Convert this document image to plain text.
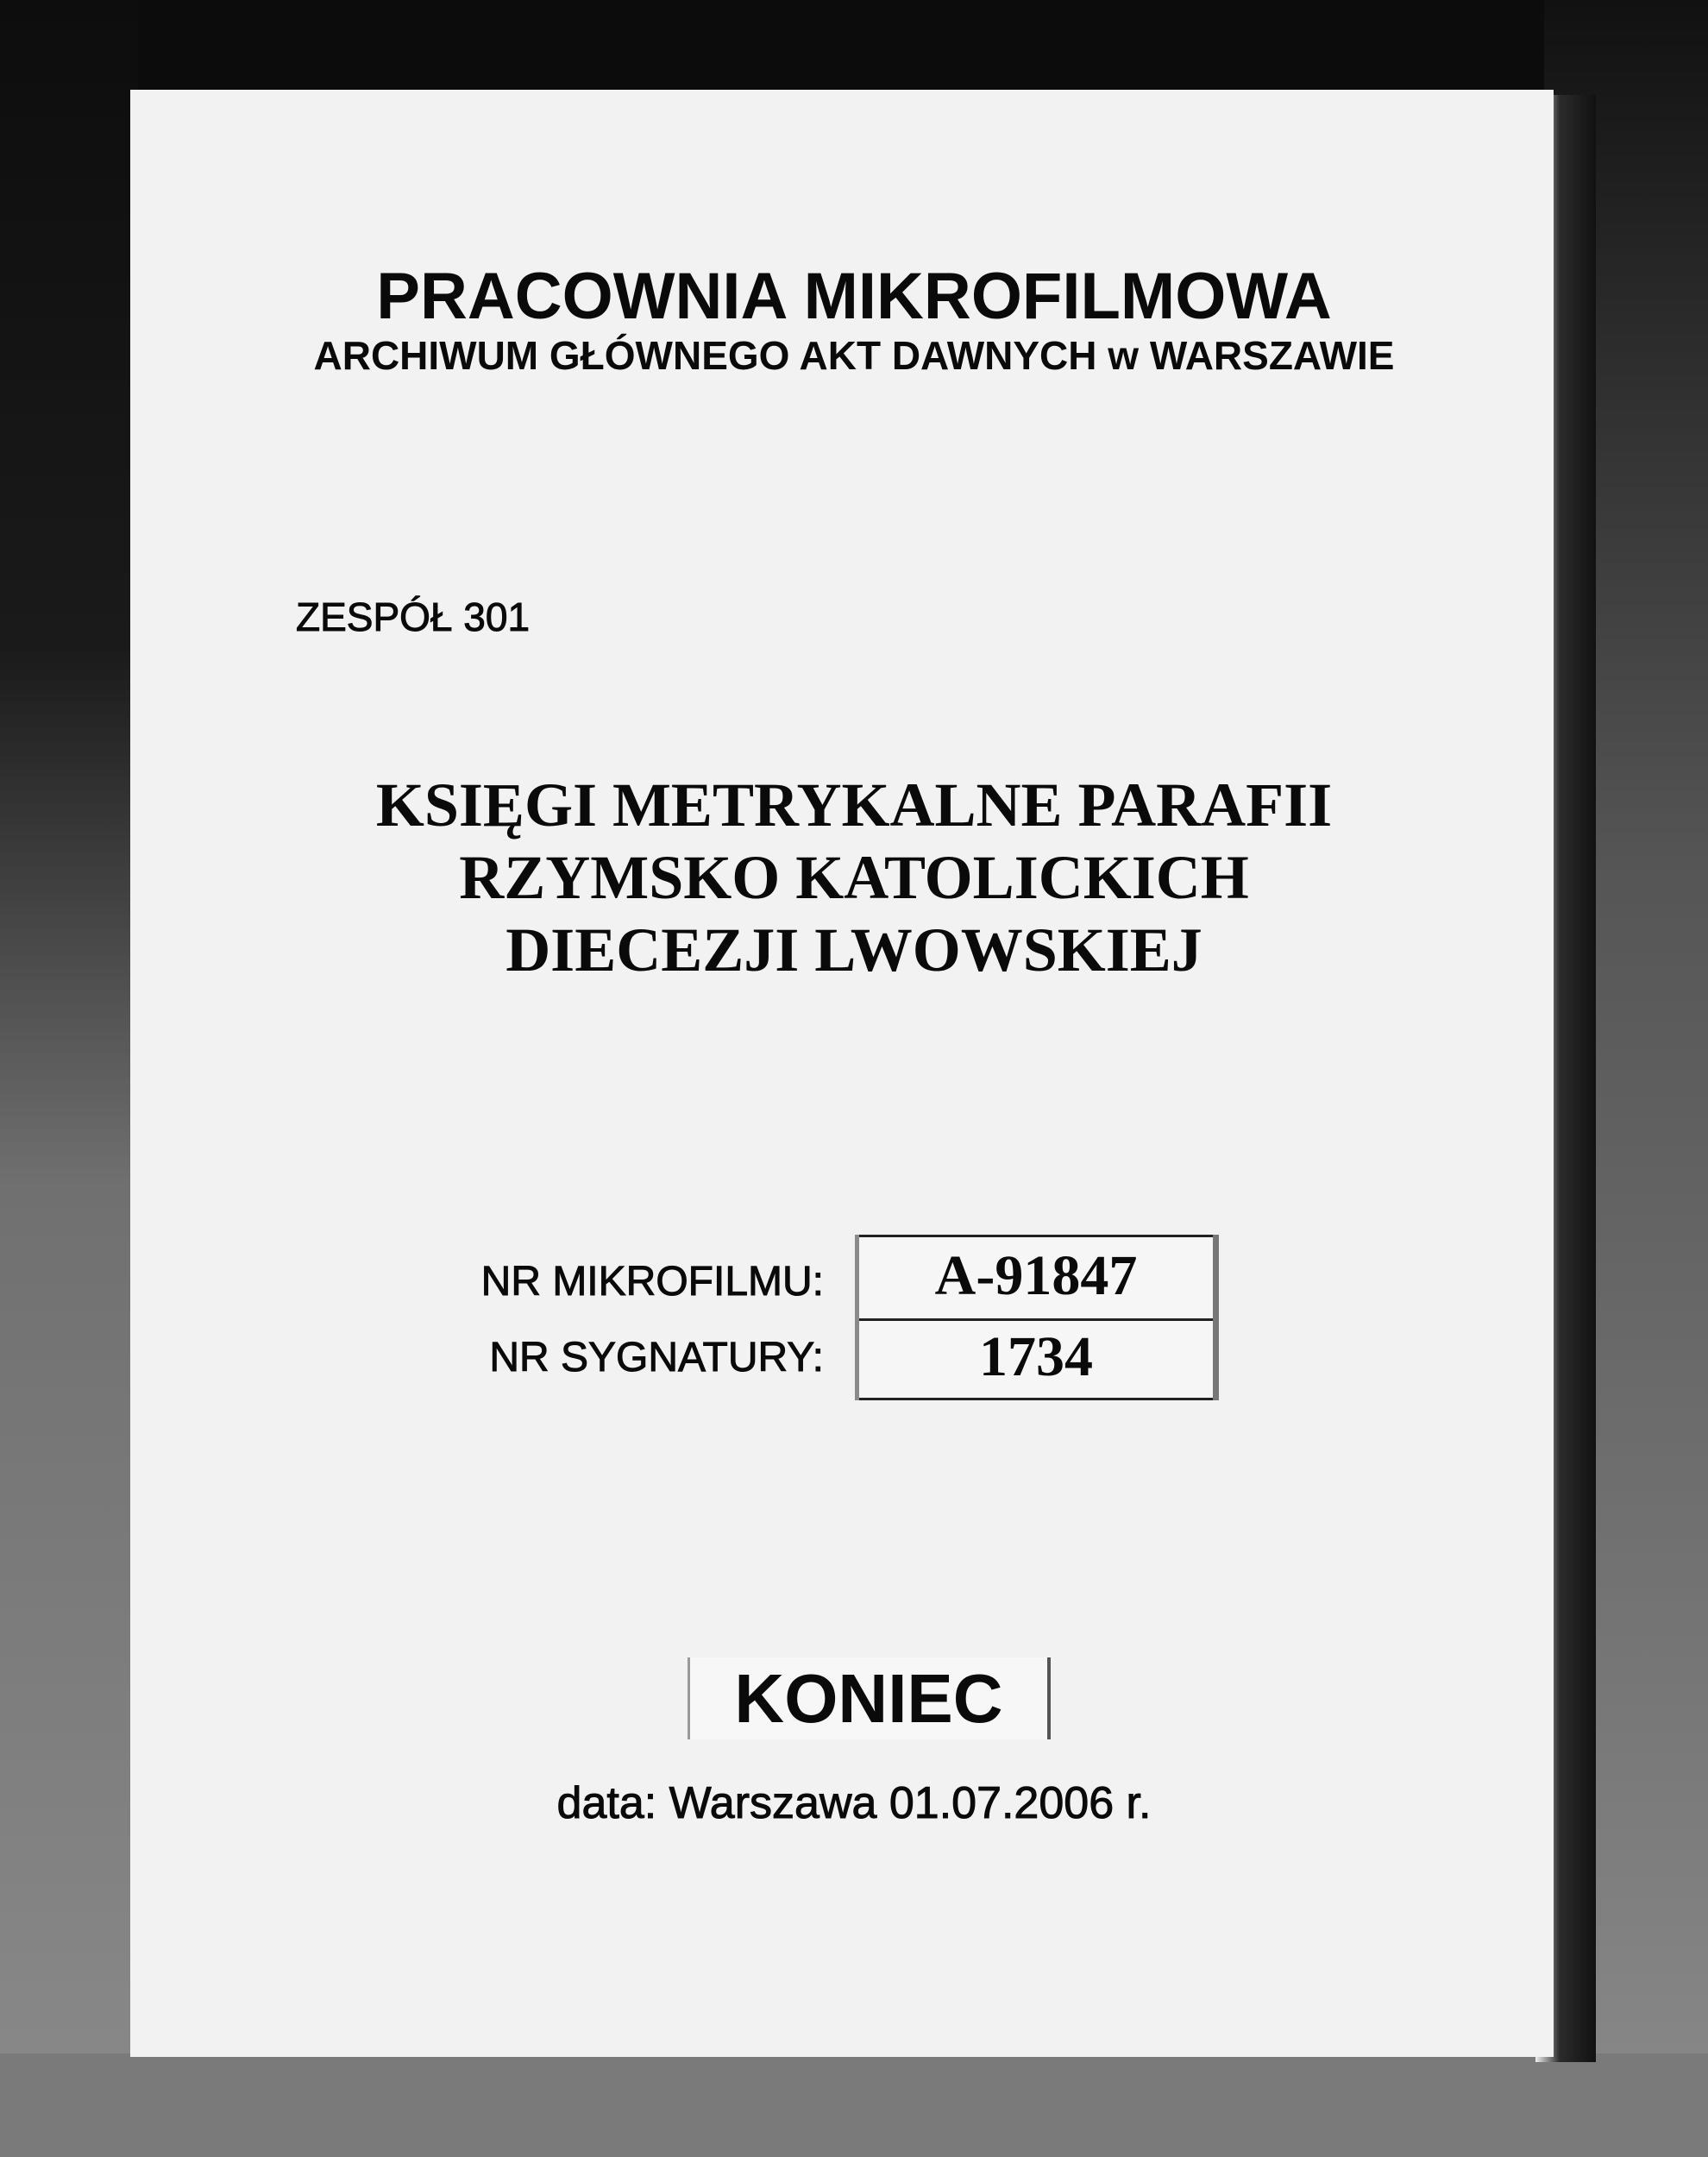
PRACOWNIA MIKROFILMOWA
ARCHIWUM GŁÓWNEGO AKT DAWNYCH w WARSZAWIE
ZESPÓŁ 301
KSIĘGI METRYKALNE PARAFII
RZYMSKO KATOLICKICH
DIECEZJI LWOWSKIEJ
NR MIKROFILMU:
NR SYGNATURY:
A-91847
1734
KONIEC
data: Warszawa 01.07.2006 r.
